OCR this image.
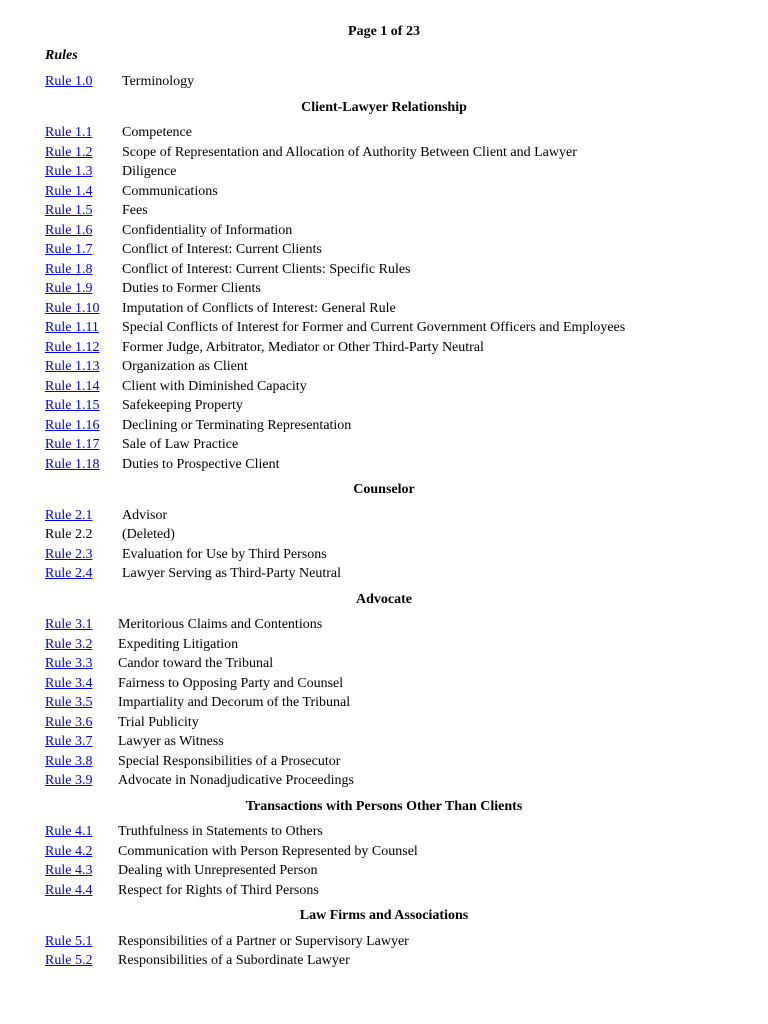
Page 1 of 23
Rules
Rule 1.0 Terminology
Client-Lawyer Relationship
Rule 1.1 Competence
Rule 1.2 Scope of Representation and Allocation of Authority Between Client and Lawyer
Rule 1.3 Diligence
Rule 1.4 Communications
Rule 1.5 Fees
Rule 1.6 Confidentiality of Information
Rule 1.7 Conflict of Interest: Current Clients
Rule 1.8 Conflict of Interest: Current Clients: Specific Rules
Rule 1.9 Duties to Former Clients
Rule 1.10 Imputation of Conflicts of Interest: General Rule
Rule 1.11 Special Conflicts of Interest for Former and Current Government Officers and Employees
Rule 1.12 Former Judge, Arbitrator, Mediator or Other Third-Party Neutral
Rule 1.13 Organization as Client
Rule 1.14 Client with Diminished Capacity
Rule 1.15 Safekeeping Property
Rule 1.16 Declining or Terminating Representation
Rule 1.17 Sale of Law Practice
Rule 1.18 Duties to Prospective Client
Counselor
Rule 2.1 Advisor
Rule 2.2 (Deleted)
Rule 2.3 Evaluation for Use by Third Persons
Rule 2.4 Lawyer Serving as Third-Party Neutral
Advocate
Rule 3.1 Meritorious Claims and Contentions
Rule 3.2 Expediting Litigation
Rule 3.3 Candor toward the Tribunal
Rule 3.4 Fairness to Opposing Party and Counsel
Rule 3.5 Impartiality and Decorum of the Tribunal
Rule 3.6 Trial Publicity
Rule 3.7 Lawyer as Witness
Rule 3.8 Special Responsibilities of a Prosecutor
Rule 3.9 Advocate in Nonadjudicative Proceedings
Transactions with Persons Other Than Clients
Rule 4.1 Truthfulness in Statements to Others
Rule 4.2 Communication with Person Represented by Counsel
Rule 4.3 Dealing with Unrepresented Person
Rule 4.4 Respect for Rights of Third Persons
Law Firms and Associations
Rule 5.1 Responsibilities of a Partner or Supervisory Lawyer
Rule 5.2 Responsibilities of a Subordinate Lawyer
